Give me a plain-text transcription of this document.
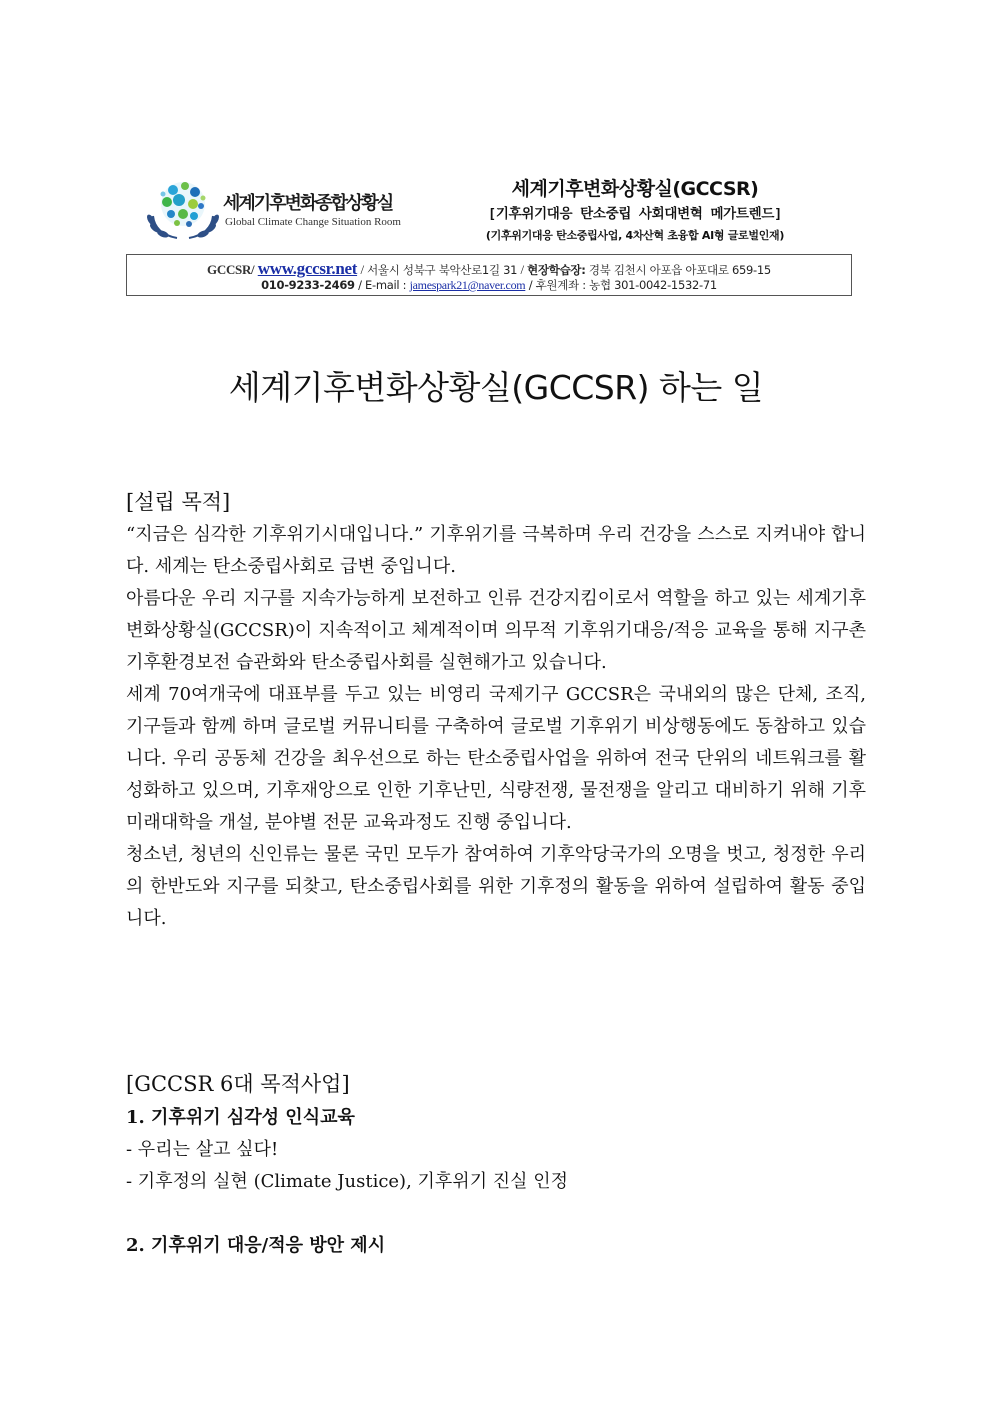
세계기후변화종합상황실
Global Climate Change Situation Room
세계기후변화상황실(GCCSR)
[기후위기대응 탄소중립 사회대변혁 메가트렌드]
(기후위기대응 탄소중립사업, 4차산혁 초융합 AI형 글로벌인재)
GCCSR/ www.gccsr.net / 서울시 성북구 북악산로1길 31 / 현장학습장: 경북 김천시 아포읍 아포대로 659-15
010-9233-2469 / E-mail : jamespark21@naver.com / 후원계좌 : 농협 301-0042-1532-71
세계기후변화상황실(GCCSR) 하는 일
[설립 목적]

“지금은 심각한 기후위기시대입니다.” 기후위기를 극복하며 우리 건강을 스스로 지켜내야 합니다. 세계는 탄소중립사회로 급변 중입니다.

아름다운 우리 지구를 지속가능하게 보전하고 인류 건강지킴이로서 역할을 하고 있는 세계기후변화상황실(GCCSR)이 지속적이고 체계적이며 의무적 기후위기대응/적응 교육을 통해 지구촌 기후환경보전 습관화와 탄소중립사회를 실현해가고 있습니다.

세계 70여개국에 대표부를 두고 있는 비영리 국제기구 GCCSR은 국내외의 많은 단체, 조직, 기구들과 함께 하며 글로벌 커뮤니티를 구축하여 글로벌 기후위기 비상행동에도 동참하고 있습니다. 우리 공동체 건강을 최우선으로 하는 탄소중립사업을 위하여 전국 단위의 네트워크를 활성화하고 있으며, 기후재앙으로 인한 기후난민, 식량전쟁, 물전쟁을 알리고 대비하기 위해 기후미래대학을 개설, 분야별 전문 교육과정도 진행 중입니다.

청소년, 청년의 신인류는 물론 국민 모두가 참여하여 기후악당국가의 오명을 벗고, 청정한 우리의 한반도와 지구를 되찾고, 탄소중립사회를 위한 기후정의 활동을 위하여 설립하여 활동 중입니다.

[GCCSR 6대 목적사업]
1. 기후위기 심각성 인식교육
- 우리는 살고 싶다!
- 기후정의 실현 (Climate Justice), 기후위기 진실 인정
2. 기후위기 대응/적응 방안 제시
